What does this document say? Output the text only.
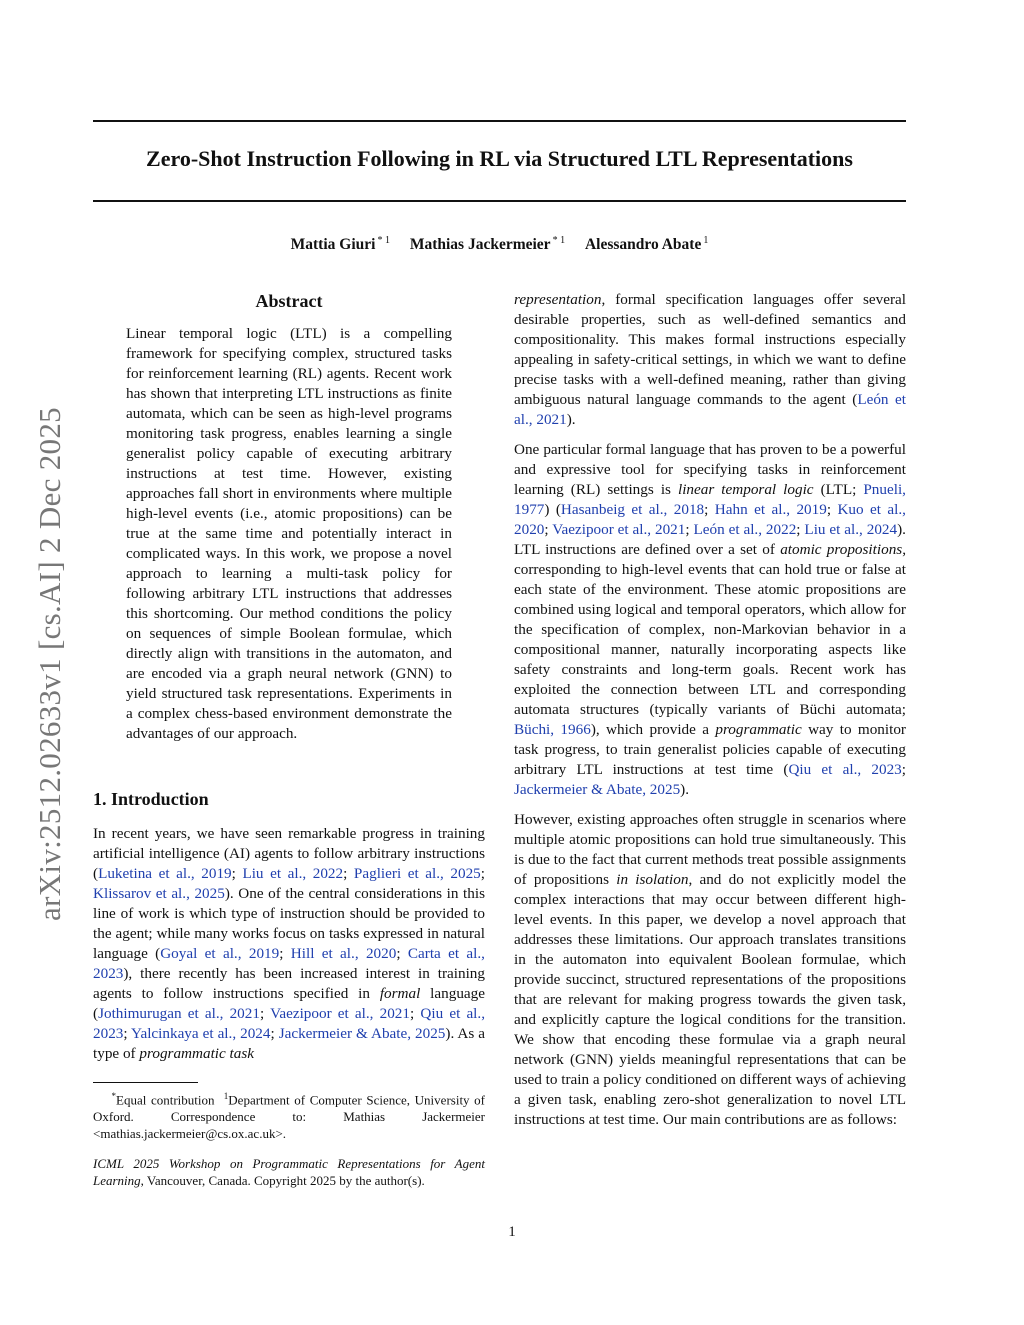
arXiv:2512.02633v1 [cs.AI] 2 Dec 2025
Zero-Shot Instruction Following in RL via Structured LTL Representations
Mattia Giuri $^{* 1}$ Mathias Jackermeier $^{* 1}$ Alessandro Abate $^1$
Abstract

Linear temporal logic (LTL) is a compelling framework for specifying complex, structured tasks for reinforcement learning (RL) agents. Recent work has shown that interpreting LTL instructions as finite automata, which can be seen as high-level programs monitoring task progress, enables learning a single generalist policy capable of executing arbitrary instructions at test time. However, existing approaches fall short in environments where multiple high-level events (i.e., atomic propositions) can be true at the same time and potentially interact in complicated ways. In this work, we propose a novel approach to learning a multi-task policy for following arbitrary LTL instructions that addresses this shortcoming. Our method conditions the policy on sequences of simple Boolean formulae, which directly align with transitions in the automaton, and are encoded via a graph neural network (GNN) to yield structured task representations. Experiments in a complex chess-based environment demonstrate the advantages of our approach.

1. Introduction

In recent years, we have seen remarkable progress in training artificial intelligence (AI) agents to follow arbitrary instructions (Luketina et al., 2019; Liu et al., 2022; Paglieri et al., 2025; Klissarov et al., 2025). One of the central considerations in this line of work is which type of instruction should be provided to the agent; while many works focus on tasks expressed in natural language (Goyal et al., 2019; Hill et al., 2020; Carta et al., 2023), there recently has been increased interest in training agents to follow instructions specified in formal language (Jothimurugan et al., 2021; Vaezipoor et al., 2021; Qiu et al., 2023; Yalcinkaya et al., 2024; Jackermeier & Abate, 2025). As a type of programmatic task

*Equal contribution  $^1$Department of Computer Science, University of Oxford. Correspondence to: Mathias Jackermeier <mathias.jackermeier@cs.ox.ac.uk>.

ICML 2025 Workshop on Programmatic Representations for Agent Learning, Vancouver, Canada. Copyright 2025 by the author(s).

representation, formal specification languages offer several desirable properties, such as well-defined semantics and compositionality. This makes formal instructions especially appealing in safety-critical settings, in which we want to define precise tasks with a well-defined meaning, rather than giving ambiguous natural language commands to the agent (León et al., 2021).

One particular formal language that has proven to be a powerful and expressive tool for specifying tasks in reinforcement learning (RL) settings is linear temporal logic (LTL; Pnueli, 1977) (Hasanbeig et al., 2018; Hahn et al., 2019; Kuo et al., 2020; Vaezipoor et al., 2021; León et al., 2022; Liu et al., 2024). LTL instructions are defined over a set of atomic propositions, corresponding to high-level events that can hold true or false at each state of the environment. These atomic propositions are combined using logical and temporal operators, which allow for the specification of complex, non-Markovian behavior in a compositional manner, naturally incorporating aspects like safety constraints and long-term goals. Recent work has exploited the connection between LTL and corresponding automata structures (typically variants of Büchi automata; Büchi, 1966), which provide a programmatic way to monitor task progress, to train generalist policies capable of executing arbitrary LTL instructions at test time (Qiu et al., 2023; Jackermeier & Abate, 2025).

However, existing approaches often struggle in scenarios where multiple atomic propositions can hold true simultaneously. This is due to the fact that current methods treat possible assignments of propositions in isolation, and do not explicitly model the complex interactions that may occur between different high-level events. In this paper, we develop a novel approach that addresses these limitations. Our approach translates transitions in the automaton into equivalent Boolean formulae, which provide succinct, structured representations of the propositions that are relevant for making progress towards the given task, and explicitly capture the logical conditions for the transition. We show that encoding these formulae via a graph neural network (GNN) yields meaningful representations that can be used to train a policy conditioned on different ways of achieving a given task, enabling zero-shot generalization to novel LTL instructions at test time. Our main contributions are as follows:

1
